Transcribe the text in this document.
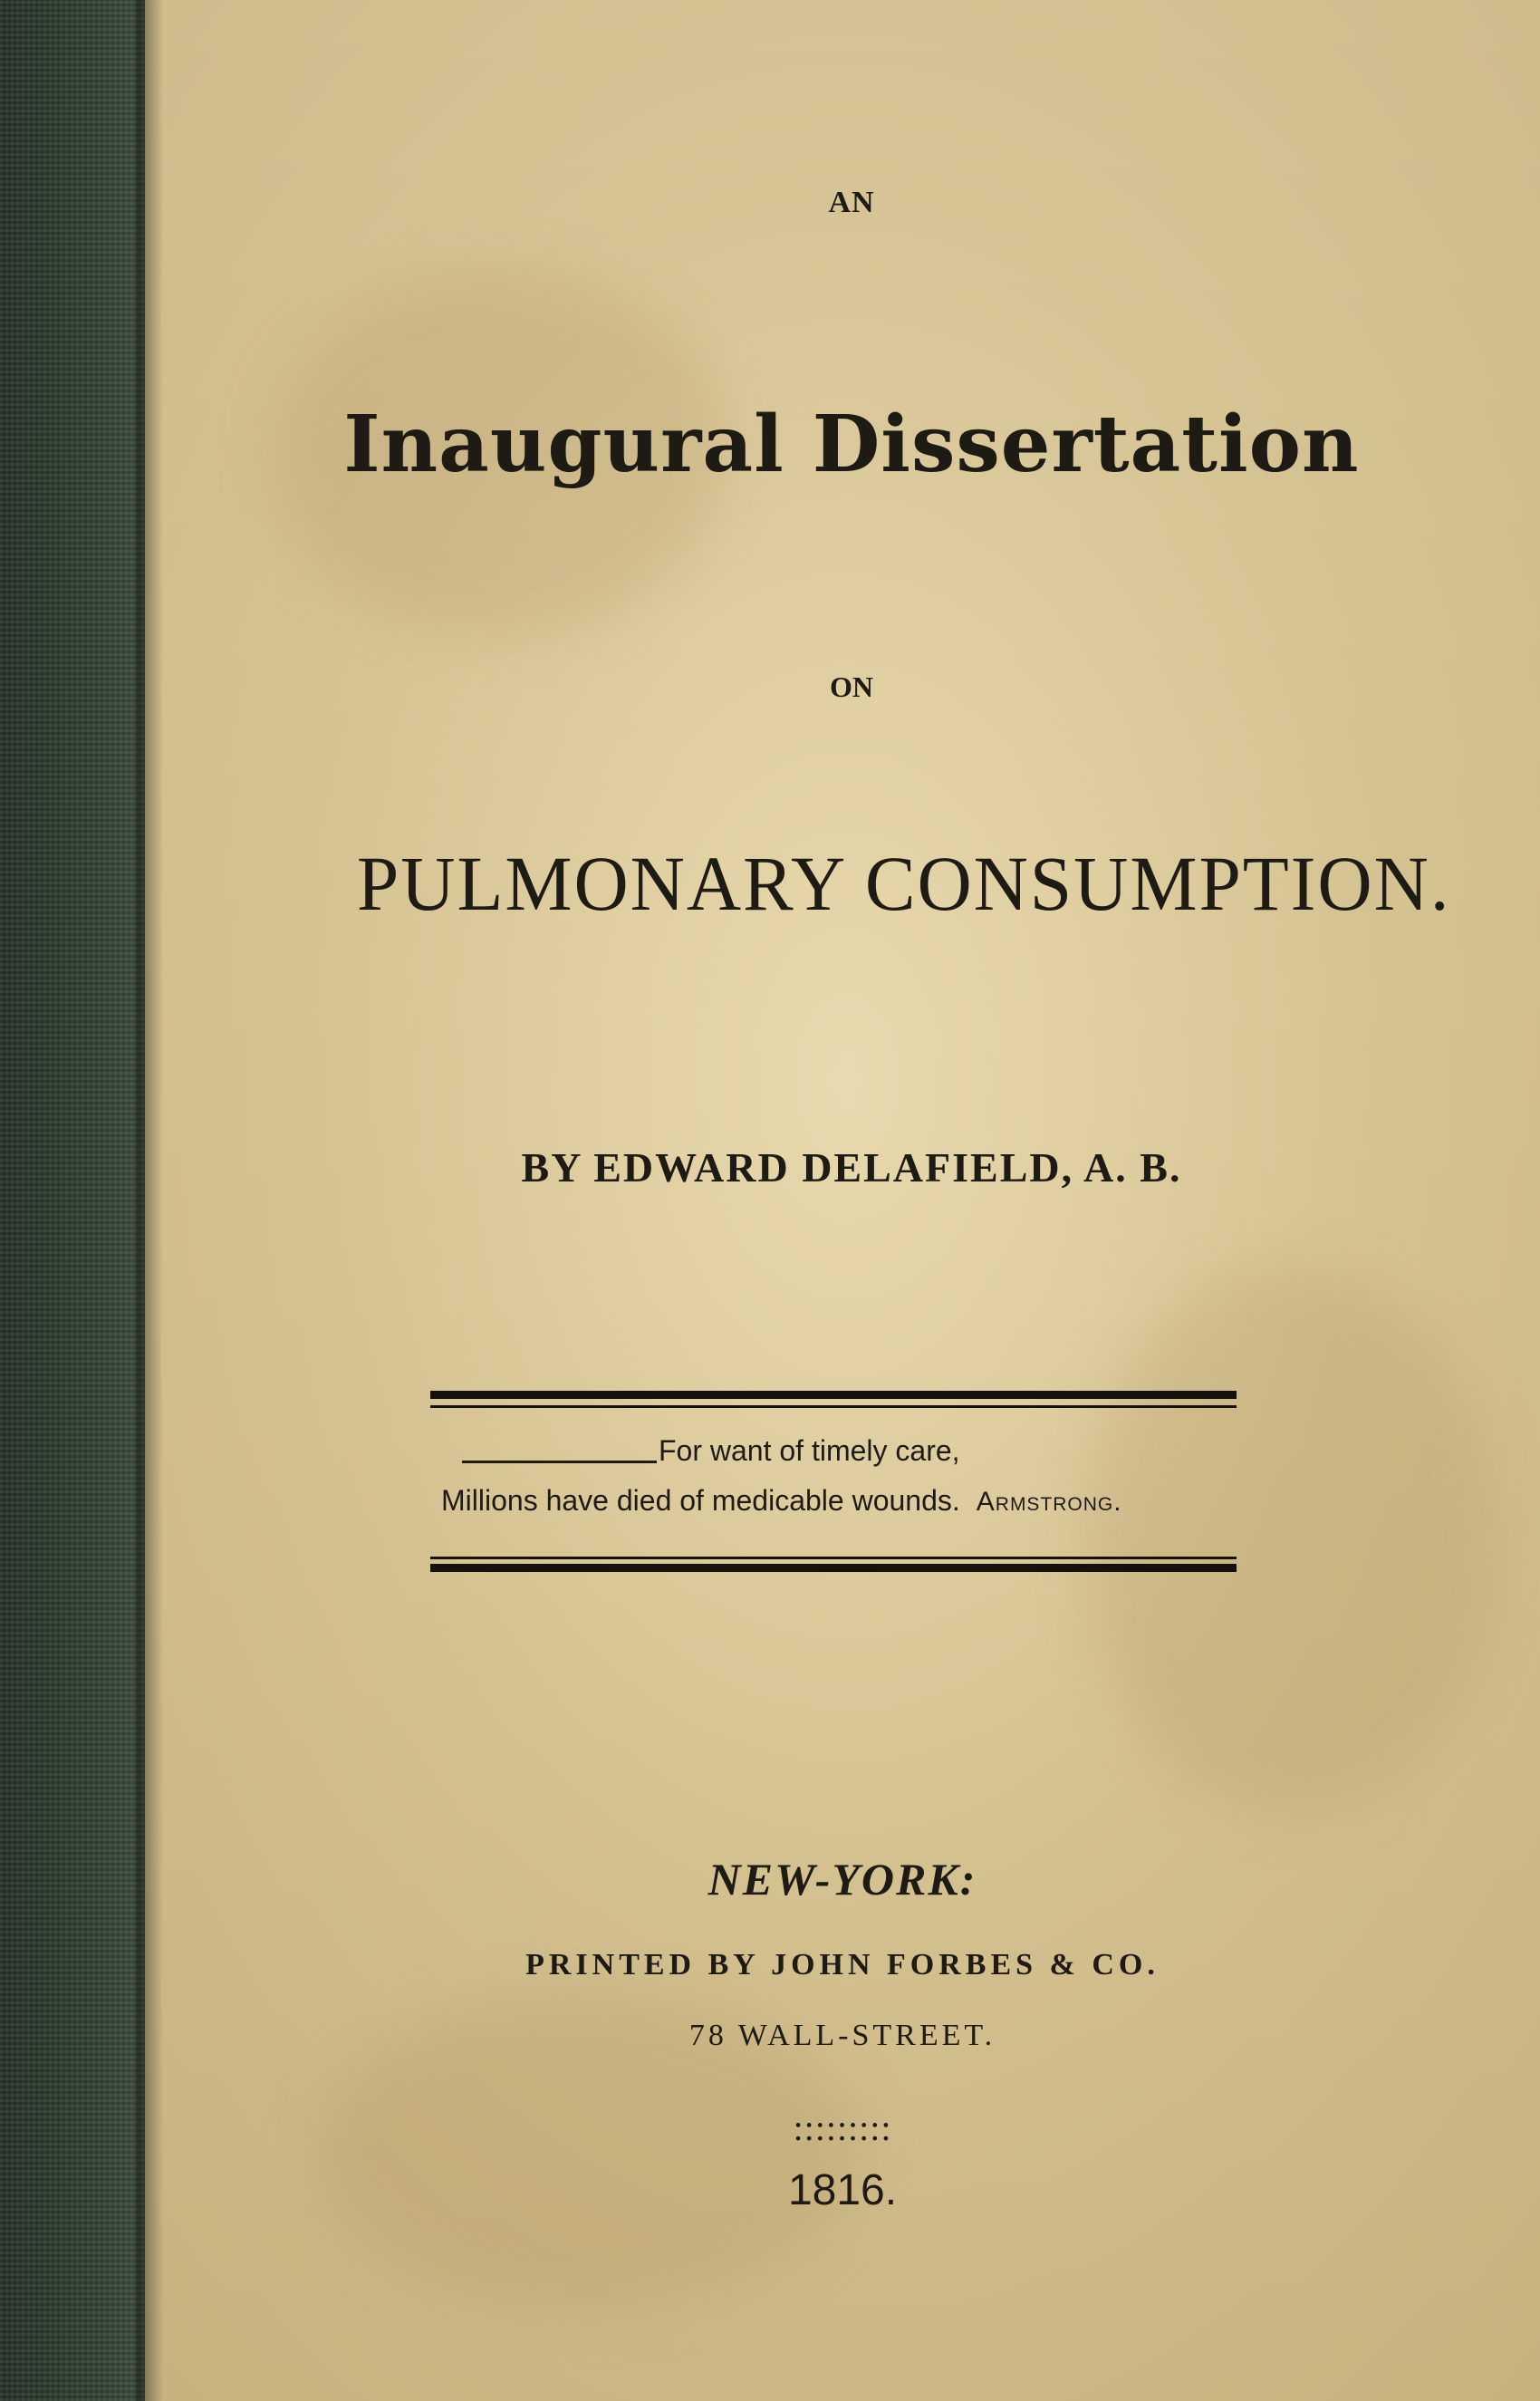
AN
Inaugural Dissertation
ON
PULMONARY CONSUMPTION.
BY EDWARD DELAFIELD, A. B.
For want of timely care,
Millions have died of medicable wounds. Armstrong.
NEW-YORK:
PRINTED BY JOHN FORBES & CO.
78 WALL-STREET.
:::::::::
1816.
